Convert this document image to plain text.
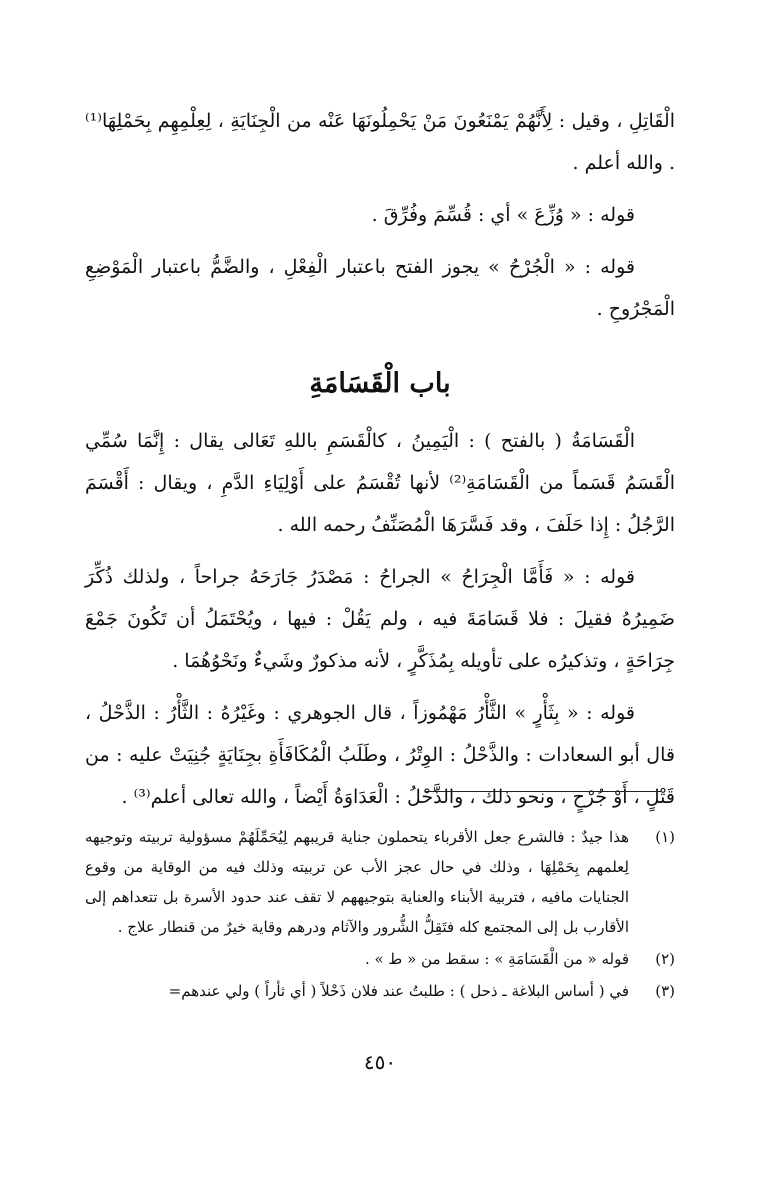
الْقَاتِلِ ، وقيل : لِأَنَّهُمْ يَمْنَعُونَ مَنْ يَحْمِلُونَهَا عَنْه من الْجِنَايَةِ ، لِعِلْمِهِم بِحَمْلِهَا⁽¹⁾ . والله أعلم .

قوله : « وُزِّعَ » أي : قُسِّمَ وفُرِّقَ .

قوله : « الْجُرْحُ » يجوز الفتح باعتبار الْفِعْلِ ، والضَّمُّ باعتبار الْمَوْضِعِ الْمَجْرُوحِ .

باب الْقَسَامَةِ

الْقَسَامَةُ ( بالفتح ) : الْيَمِينُ ، كالْقَسَمِ باللهِ تَعَالى يقال : إِنَّمَا سُمِّي الْقَسَمُ قَسَماً من الْقَسَامَةِ⁽²⁾ لأنها تُقْسَمُ على أَوْلِيَاءِ الدَّمِ ، ويقال : أَقْسَمَ الرَّجُلُ : إِذا حَلَفَ ، وقد فَسَّرَهَا الْمُصَنِّفُ رحمه الله .

قوله : « فَأَمَّا الْجِرَاحُ » الجراحُ : مَصْدَرُ جَارَحَهُ جراحاً ، ولذلك ذُكِّرَ ضَمِيرُهُ فقيلَ : فلا قَسَامَةَ فيه ، ولم يَقُلْ : فيها ، ويُحْتَمَلُ أن تَكُونَ جَمْعَ جِرَاحَةٍ ، وتذكيرُه على تأويله بِمُذَكَّرٍ ، لأنه مذكورٌ وشَيءٌ ونَحْوُهُمَا .

قوله : « بِثَأْرٍ » الثَّأْرُ مَهْمُوزاً ، قال الجوهري : وغَيْرُهُ : الثَّأْرُ : الذَّحْلُ ، قال أبو السعادات : والذَّحْلُ : الوِتْرُ ، وطَلَبُ الْمُكَافَأَةِ بجِنَايَةٍ جُنِيَتْ عليه : من قَتْلٍ ، أَوْ جُرْحٍ ، ونحو ذلك ، والذَّحْلُ : الْعَدَاوَةُ أَيْضاً ، والله تعالى أعلم⁽³⁾ .

(١)
هذا جيدٌ : فالشرع جعل الأقرباء يتحملون جناية قريبهم لِيُحَمِّلَهُمْ مسؤولية تربيته وتوجيهه لِعلمهم بِحَمْلِهَا ، وذلك في حال عجز الأب عن تربيته وذلك فيه من الوقاية من وقوع الجنايات مافيه ، فتربية الأبناء والعناية بتوجيههم لا تقف عند حدود الأسرة بل تتعداهم إلى الأقارب بل إلى المجتمع كله فتَقِلُّ الشُّرور والآثام ودرهم وقاية خيرٌ من قنطار علاج .
(٢)
قوله « من الْقَسَامَةِ » : سقط من « ط » .
(٣)
في ( أساس البلاغة ـ ذحل ) : طلبتُ عند فلان ذَحْلاً ( أي ثأراً ) ولي عندهم=
٤٥٠
